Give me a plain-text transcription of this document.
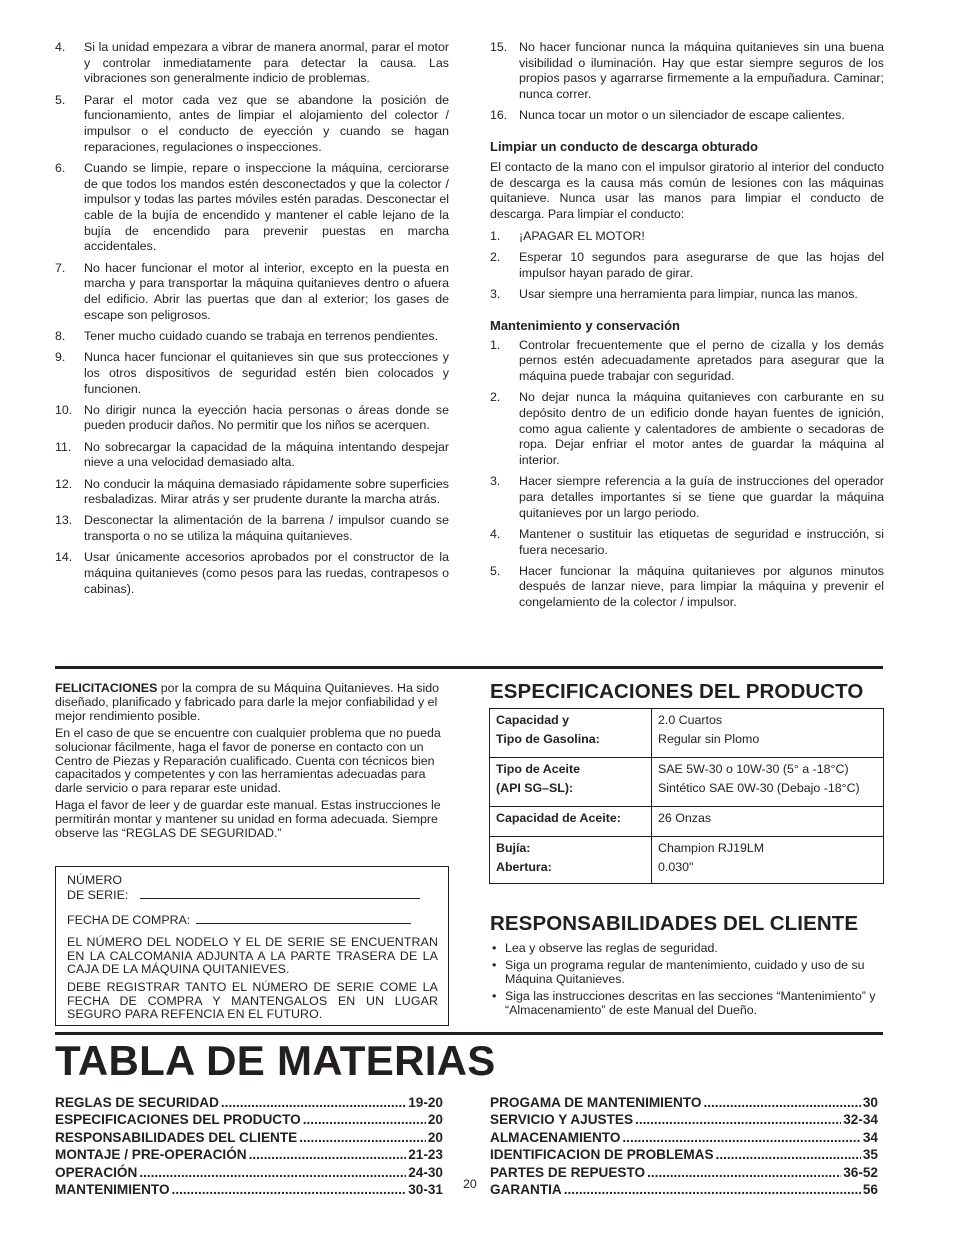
4. Si la unidad empezara a vibrar de manera anormal, parar el motor y controlar inmediatamente para detectar la causa. Las vibraciones son generalmente indicio de problemas.
5. Parar el motor cada vez que se abandone la posición de funcionamiento, antes de limpiar el alojamiento del colector / impulsor o el conducto de eyección y cuando se hagan reparaciones, regulaciones o inspecciones.
6. Cuando se limpie, repare o inspeccione la máquina, cerciorarse de que todos los mandos estén desconectados y que la colector / impulsor y todas las partes móviles estén paradas. Desconectar el cable de la bujía de encendido y mantener el cable lejano de la bujía de encendido para prevenir puestas en marcha accidentales.
7. No hacer funcionar el motor al interior, excepto en la puesta en marcha y para transportar la máquina quitanieves dentro o afuera del edificio. Abrir las puertas que dan al exterior; los gases de escape son peligrosos.
8. Tener mucho cuidado cuando se trabaja en terrenos pendientes.
9. Nunca hacer funcionar el quitanieves sin que sus protecciones y los otros dispositivos de seguridad estén bien colocados y funcionen.
10. No dirigir nunca la eyección hacia personas o áreas donde se pueden producir daños. No permitir que los niños se acerquen.
11. No sobrecargar la capacidad de la máquina intentando despejar nieve a una velocidad demasiado alta.
12. No conducir la máquina demasiado rápidamente sobre superficies resbaladizas. Mirar atrás y ser prudente durante la marcha atrás.
13. Desconectar la alimentación de la barrena / impulsor cuando se transporta o no se utiliza la máquina quitanieves.
14. Usar únicamente accesorios aprobados por el constructor de la máquina quitanieves (como pesos para las ruedas, contrapesos o cabinas).
15. No hacer funcionar nunca la máquina quitanieves sin una buena visibilidad o iluminación. Hay que estar siempre seguros de los propios pasos y agarrarse firmemente a la empuñadura. Caminar; nunca correr.
16. Nunca tocar un motor o un silenciador de escape calientes.

Limpiar un conducto de descarga obturado

El contacto de la mano con el impulsor giratorio al interior del conducto de descarga es la causa más común de lesiones con las máquinas quitanieve. Nunca usar las manos para limpiar el conducto de descarga. Para limpiar el conducto:

1. ¡APAGAR EL MOTOR!
2. Esperar 10 segundos para asegurarse de que las hojas del impulsor hayan parado de girar.
3. Usar siempre una herramienta para limpiar, nunca las manos.

Mantenimiento y conservación

1. Controlar frecuentemente que el perno de cizalla y los demás pernos estén adecuadamente apretados para asegurar que la máquina puede trabajar con seguridad.
2. No dejar nunca la máquina quitanieves con carburante en su depósito dentro de un edificio donde hayan fuentes de ignición, como agua caliente y calentadores de ambiente o secadoras de ropa. Dejar enfriar el motor antes de guardar la máquina al interior.
3. Hacer siempre referencia a la guía de instrucciones del operador para detalles importantes si se tiene que guardar la máquina quitanieves por un largo periodo.
4. Mantener o sustituir las etiquetas de seguridad e instrucción, si fuera necesario.
5. Hacer funcionar la máquina quitanieves por algunos minutos después de lanzar nieve, para limpiar la máquina y prevenir el congelamiento de la colector / impulsor.

FELICITACIONES por la compra de su Máquina Quitanieves. Ha sido diseñado, planificado y fabricado para darle la mejor confiabilidad y el mejor rendimiento posible.

En el caso de que se encuentre con cualquier problema que no pueda solucionar fácilmente, haga el favor de ponerse en contacto con un Centro de Piezas y Reparación cualificado. Cuenta con técnicos bien capacitados y competentes y con las herramientas adecuadas para darle servicio o para reparar este unidad.

Haga el favor de leer y de guardar este manual. Estas instrucciones le permitirán montar y mantener su unidad en forma adecuada. Siempre observe las “REGLAS DE SEGURIDAD.”

NÚMERO

DE SERIE:

FECHA DE COMPRA:

EL NÚMERO DEL NODELO Y EL DE SERIE SE ENCUENTRAN EN LA CALCOMANIA ADJUNTA A LA PARTE TRASERA DE LA CAJA DE LA MÁQUINA QUITANIEVES.

DEBE REGISTRAR TANTO EL NÚMERO DE SERIE COME LA FECHA DE COMPRA Y MANTENGALOS EN UN LUGAR SEGURO PARA REFENCIA EN EL FUTURO.

ESPECIFICACIONES DEL PRODUCTO
Capacidad y
Tipo de Gasolina:	2.0 Cuartos
Regular sin Plomo

Tipo de Aceite
(API SG–SL):	SAE 5W-30 o 10W-30 (5° a -18°C)
Sintético SAE 0W-30 (Debajo -18°C)

Capacidad de Aceite:	26 Onzas

Bujía:
Abertura:	Champion RJ19LM
0.030"
RESPONSABILIDADES DEL CLIENTE
• Lea y observe las reglas de seguridad.
• Siga un programa regular de mantenimiento, cuidado y uso de su Máquina Quitanieves.
• Siga las instrucciones descritas en las secciones “Mantenimiento” y “Almacenamiento” de este Manual del Dueño.
TABLA DE MATERIAS
REGLAS DE SECURIDAD .....	19-20
ESPECIFICACIONES DEL PRODUCTO .....	20
RESPONSABILIDADES DEL CLIENTE .....	20
MONTAJE / PRE-OPERACIÓN .....	21-23
OPERACIÓN .....	24-30
MANTENIMIENTO .....	30-31
PROGAMA DE MANTENIMIENTO .....	30
SERVICIO Y AJUSTES .....	32-34
ALMACENAMIENTO .....	34
IDENTIFICACION DE PROBLEMAS .....	35
PARTES DE REPUESTO .....	36-52
GARANTIA .....	56
20
